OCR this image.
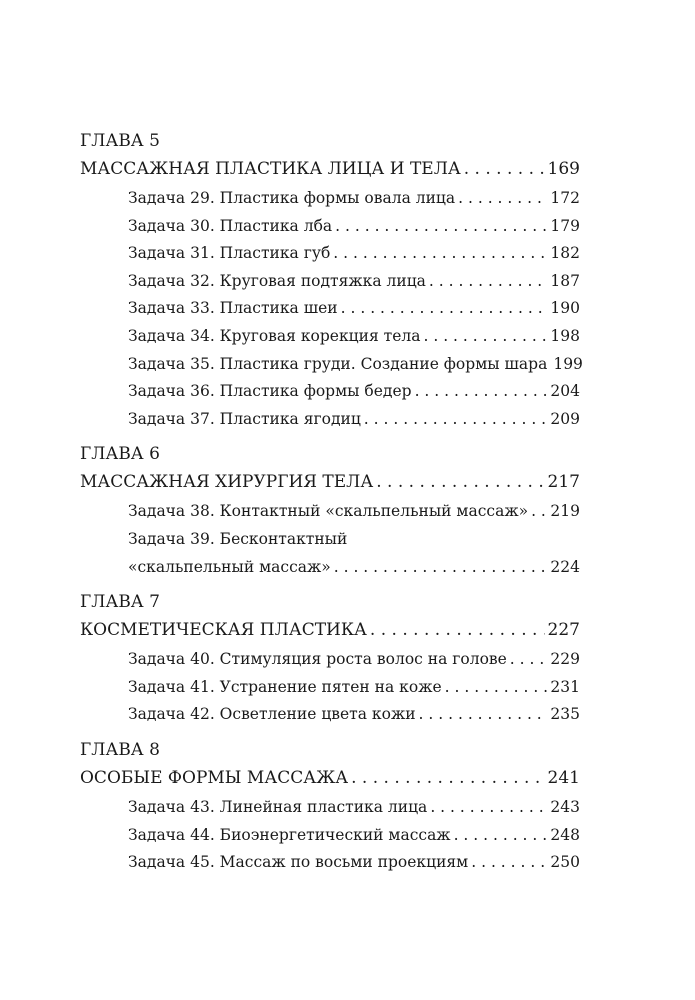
ГЛАВА 5
МАССАЖНАЯ ПЛАСТИКА ЛИЦА И ТЕЛА . . .	169
Задача 29. Пластика формы овала лица . . .	172
Задача 30. Пластика лба . . .	179
Задача 31. Пластика губ . . .	182
Задача 32. Круговая подтяжка лица . . .	187
Задача 33. Пластика шеи . . .	190
Задача 34. Круговая корекция тела . . .	198
Задача 35. Пластика груди. Создание формы шара 199
Задача 36. Пластика формы бедер . . .	204
Задача 37. Пластика ягодиц . . .	209
ГЛАВА 6
МАССАЖНАЯ ХИРУРГИЯ ТЕЛА . . .	217
Задача 38. Контактный «скальпельный массаж» . . . 219
Задача 39. Бесконтактный
«скальпельный массаж» . . .	224
ГЛАВА 7
КОСМЕТИЧЕСКАЯ ПЛАСТИКА . . .	227
Задача 40. Стимуляция роста волос на голове . . .	229
Задача 41. Устранение пятен на коже . . .	231
Задача 42. Осветление цвета кожи . . .	235
ГЛАВА 8
ОСОБЫЕ ФОРМЫ МАССАЖА . . .	241
Задача 43. Линейная пластика лица . . .	243
Задача 44. Биоэнергетический массаж . . .	248
Задача 45. Массаж по восьми проекциям . . .	250
